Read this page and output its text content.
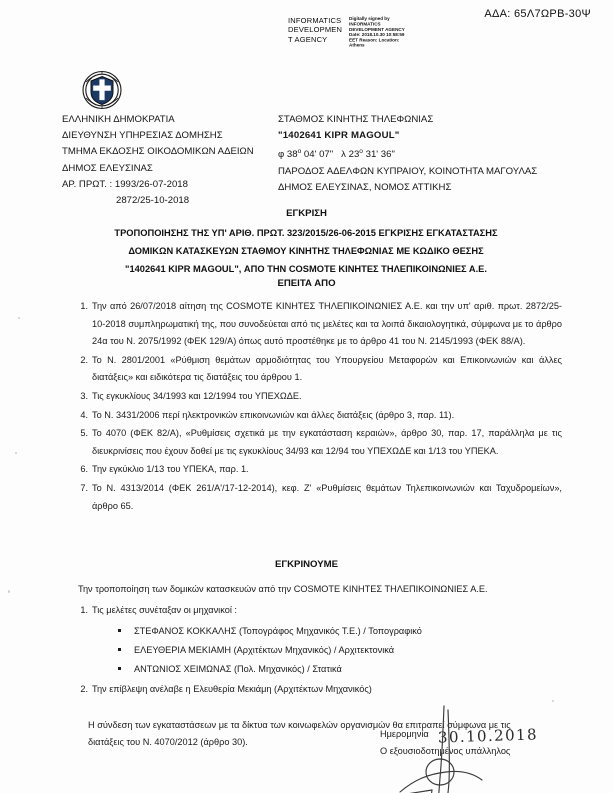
ΑΔΑ: 65Λ7ΩΡΒ-30Ψ
INFORMATICS DEVELOPMEN T AGENCY
Digitally signed by INFORMATICS DEVELOPMENT AGENCY Date: 2018.10.30 10:58:59 EET Reason: Location: Athens
ΕΛΛΗΝΙΚΗ ΔΗΜΟΚΡΑΤΙΑ
ΔΙΕΥΘΥΝΣΗ ΥΠΗΡΕΣΙΑΣ ΔΟΜΗΣΗΣ
ΤΜΗΜΑ ΕΚΔΟΣΗΣ ΟΙΚΟΔΟΜΙΚΩΝ ΑΔΕΙΩΝ
ΔΗΜΟΣ ΕΛΕΥΣΙΝΑΣ
ΑΡ. ΠΡΩΤ. : 1993/26-07-2018
2872/25-10-2018
ΣΤΑΘΜΟΣ ΚΙΝΗΤΗΣ ΤΗΛΕΦΩΝΙΑΣ
"1402641 KIPR MAGOUL"
φ 38$^o$ 04' 07" λ 23$^o$ 31' 36"
ΠΑΡΟΔΟΣ ΑΔΕΛΦΩΝ ΚΥΠΡΑΙΟΥ, ΚΟΙΝΟΤΗΤΑ ΜΑΓΟΥΛΑΣ
ΔΗΜΟΣ ΕΛΕΥΣΙΝΑΣ, ΝΟΜΟΣ ΑΤΤΙΚΗΣ
ΕΓΚΡΙΣΗ
ΤΡΟΠΟΠΟΙΗΣΗΣ ΤΗΣ ΥΠ' ΑΡΙΘ. ΠΡΩΤ. 323/2015/26-06-2015 ΕΓΚΡΙΣΗΣ ΕΓΚΑΤΑΣΤΑΣΗΣ
ΔΟΜΙΚΩΝ ΚΑΤΑΣΚΕΥΩΝ ΣΤΑΘΜΟΥ ΚΙΝΗΤΗΣ ΤΗΛΕΦΩΝΙΑΣ ΜΕ ΚΩΔΙΚΟ ΘΕΣΗΣ
"1402641 KIPR MAGOUL", ΑΠΟ ΤΗΝ COSMOTE ΚΙΝΗΤΕΣ ΤΗΛΕΠΙΚΟΙΝΩΝΙΕΣ Α.Ε.
ΕΠΕΙΤΑ ΑΠΟ
1. Την από 26/07/2018 αίτηση της COSMOTE ΚΙΝΗΤΕΣ ΤΗΛΕΠΙΚΟΙΝΩΝΙΕΣ Α.Ε. και την υπ' αριθ. πρωτ. 2872/25-10-2018 συμπληρωματική της, που συνοδεύεται από τις μελέτες και τα λοιπά δικαιολογητικά, σύμφωνα με το άρθρο 24α του Ν. 2075/1992 (ΦΕΚ 129/Α) όπως αυτό προστέθηκε με το άρθρο 41 του Ν. 2145/1993 (ΦΕΚ 88/Α).
2. Το Ν. 2801/2001 «Ρύθμιση θεμάτων αρμοδιότητας του Υπουργείου Μεταφορών και Επικοινωνιών και άλλες διατάξεις» και ειδικότερα τις διατάξεις του άρθρου 1.
3. Τις εγκυκλίους 34/1993 και 12/1994 του ΥΠΕΧΩΔΕ.
4. Το Ν. 3431/2006 περί ηλεκτρονικών επικοινωνιών και άλλες διατάξεις (άρθρο 3, παρ. 11).
5. Το 4070 (ΦΕΚ 82/Α), «Ρυθμίσεις σχετικά με την εγκατάσταση κεραιών», άρθρο 30, παρ. 17, παράλληλα με τις διευκρινίσεις που έχουν δοθεί με τις εγκυκλίους 34/93 και 12/94 του ΥΠΕΧΩΔΕ και 1/13 του ΥΠΕΚΑ.
6. Την εγκύκλιο 1/13 του ΥΠΕΚΑ, παρ. 1.
7. Το Ν. 4313/2014 (ΦΕΚ 261/Α'/17-12-2014), κεφ. Ζ' «Ρυθμίσεις θεμάτων Τηλεπικοινωνιών και Ταχυδρομείων», άρθρο 65.
ΕΓΚΡΙΝΟΥΜΕ
Την τροποποίηση των δομικών κατασκευών από την COSMOTE ΚΙΝΗΤΕΣ ΤΗΛΕΠΙΚΟΙΝΩΝΙΕΣ Α.Ε.
1. Τις μελέτες συνέταξαν οι μηχανικοί :
ΣΤΕΦΑΝΟΣ ΚΟΚΚΑΛΗΣ (Τοπογράφος Μηχανικός Τ.Ε.) / Τοπογραφικό
ΕΛΕΥΘΕΡΙΑ ΜΕΚΙΑΜΗ (Αρχιτέκτων Μηχανικός) / Αρχιτεκτονικά
ΑΝΤΩΝΙΟΣ ΧΕΙΜΩΝΑΣ (Πολ. Μηχανικός) / Στατικά
2. Την επίβλεψη ανέλαβε η Ελευθερία Μεκιάμη (Αρχιτέκτων Μηχανικός)
Η σύνδεση των εγκαταστάσεων με τα δίκτυα των κοινωφελών οργανισμών θα επιτραπεί σύμφωνα με τις διατάξεις του Ν. 4070/2012 (άρθρο 30).
Ημερομηνία
Ο εξουσιοδοτημένος υπάλληλος
30.10.2018
